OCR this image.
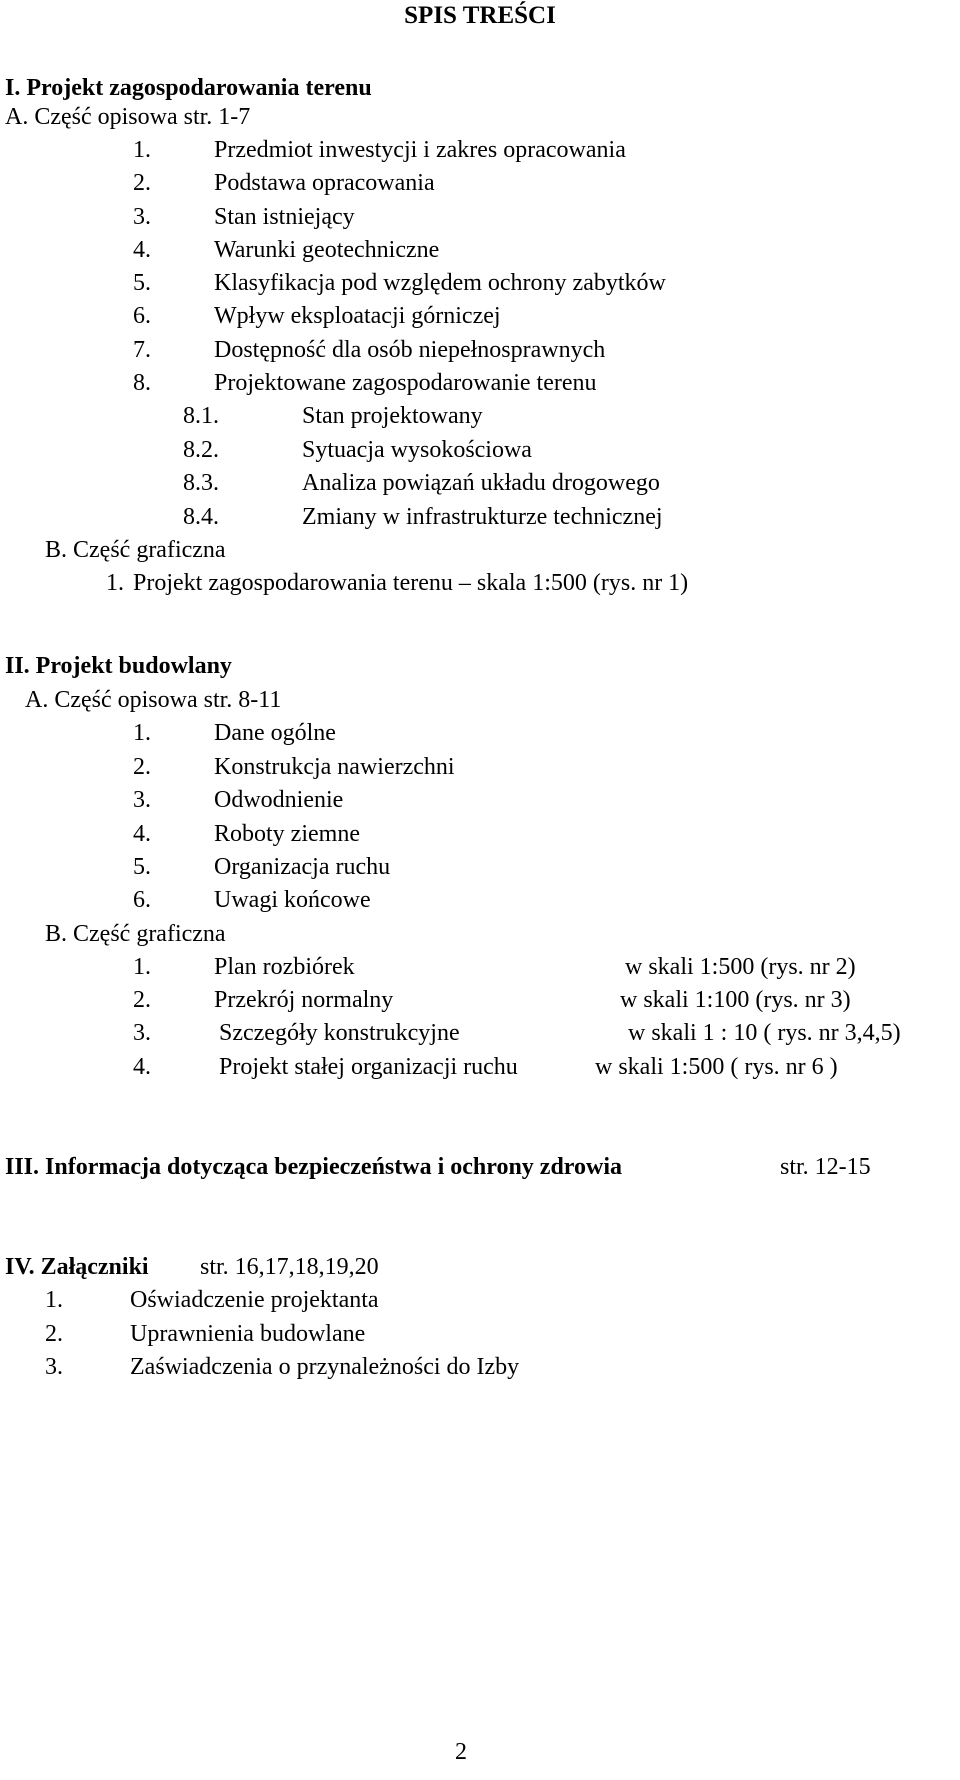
SPIS TREŚCI
I. Projekt zagospodarowania terenu
A. Część opisowa str. 1-7
1.	Przedmiot inwestycji i zakres opracowania
2.	Podstawa opracowania
3.	Stan istniejący
4.	Warunki geotechniczne
5.	Klasyfikacja pod względem ochrony zabytków
6.	Wpływ eksploatacji górniczej
7.	Dostępność dla osób niepełnosprawnych
8.	Projektowane zagospodarowanie terenu
8.1.	Stan projektowany
8.2.	Sytuacja wysokościowa
8.3.	Analiza powiązań układu drogowego
8.4.	Zmiany w infrastrukturze technicznej
B. Część graficzna
1. Projekt zagospodarowania terenu – skala 1:500 (rys. nr 1)
II. Projekt budowlany
A. Część opisowa str. 8-11
1.	Dane ogólne
2.	Konstrukcja nawierzchni
3.	Odwodnienie
4.	Roboty ziemne
5.	Organizacja ruchu
6.	Uwagi końcowe
B. Część graficzna
1.	Plan rozbiórek	w skali 1:500 (rys. nr 2)
2.	Przekrój normalny	w skali 1:100 (rys. nr 3)
3.	Szczegóły konstrukcyjne	w skali 1 : 10 ( rys. nr 3,4,5)
4.	Projekt stałej organizacji ruchu	w skali 1:500 ( rys. nr 6 )
III. Informacja dotycząca bezpieczeństwa i ochrony zdrowia	str. 12-15
IV. Załączniki str. 16,17,18,19,20
1.	Oświadczenie projektanta
2.	Uprawnienia budowlane
3.	Zaświadczenia o przynależności do Izby
2
